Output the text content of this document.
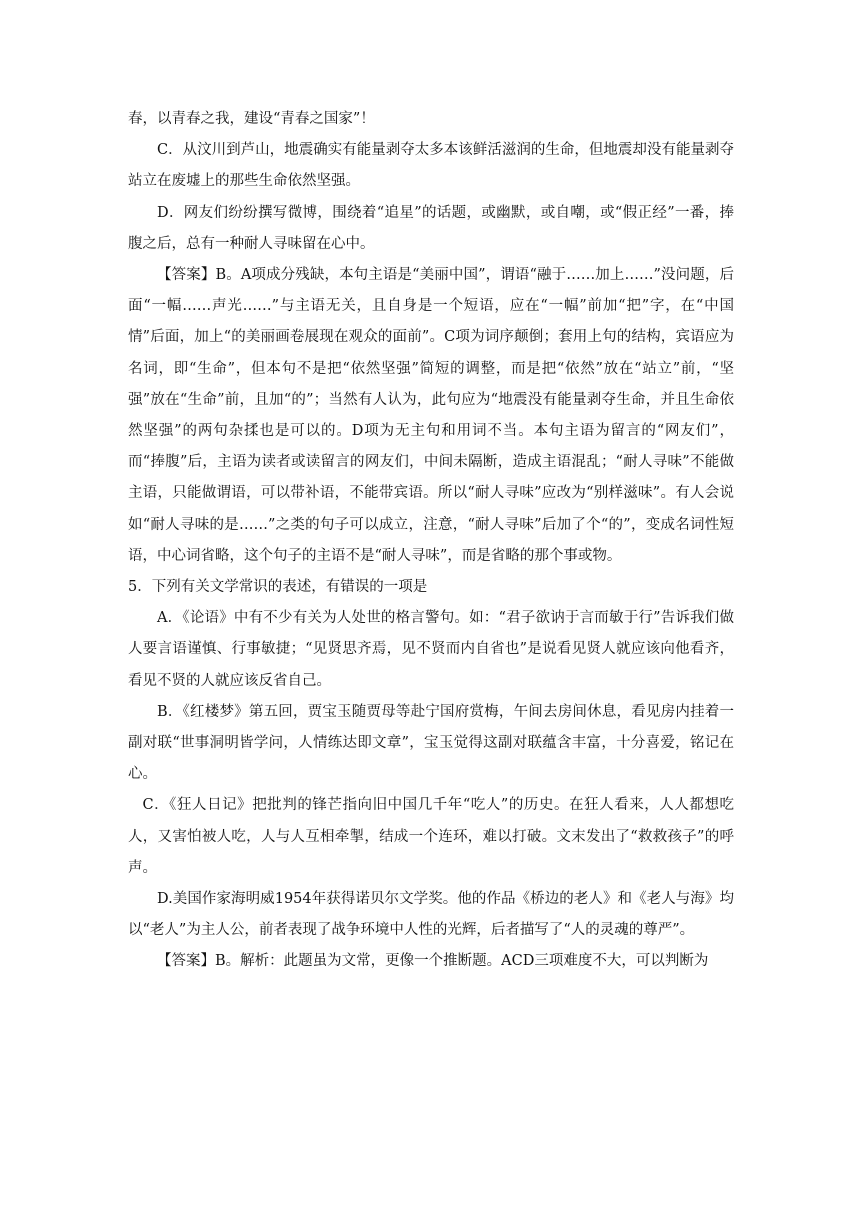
春，以青春之我，建设“青春之国家”！

C．从汶川到芦山，地震确实有能量剥夺太多本该鲜活滋润的生命，但地震却没有能量剥夺站立在废墟上的那些生命依然坚强。

D．网友们纷纷撰写微博，围绕着“追星”的话题，或幽默，或自嘲，或“假正经”一番，捧腹之后，总有一种耐人寻味留在心中。

【答案】B。A项成分残缺，本句主语是“美丽中国”，谓语“融于……加上……”没问题，后面“一幅……声光……”与主语无关，且自身是一个短语，应在“一幅”前加“把”字，在“中国情”后面，加上“的美丽画卷展现在观众的面前”。C项为词序颠倒；套用上句的结构，宾语应为名词，即“生命”，但本句不是把“依然坚强”简短的调整，而是把“依然”放在“站立”前，“坚强”放在“生命”前，且加“的”；当然有人认为，此句应为“地震没有能量剥夺生命，并且生命依然坚强”的两句杂揉也是可以的。D项为无主句和用词不当。本句主语为留言的“网友们”，而“捧腹”后，主语为读者或读留言的网友们，中间未隔断，造成主语混乱；“耐人寻味”不能做主语，只能做谓语，可以带补语，不能带宾语。所以“耐人寻味”应改为“别样滋味”。有人会说如“耐人寻味的是……”之类的句子可以成立，注意，“耐人寻味”后加了个“的”，变成名词性短语，中心词省略，这个句子的主语不是“耐人寻味”，而是省略的那个事或物。

5．下列有关文学常识的表述，有错误的一项是

A．《论语》中有不少有关为人处世的格言警句。如：“君子欲讷于言而敏于行”告诉我们做人要言语谨慎、行事敏捷；“见贤思齐焉，见不贤而内自省也”是说看见贤人就应该向他看齐，看见不贤的人就应该反省自己。

B．《红楼梦》第五回，贾宝玉随贾母等赴宁国府赏梅，午间去房间休息，看见房内挂着一副对联“世事洞明皆学问，人情练达即文章”，宝玉觉得这副对联蕴含丰富，十分喜爱，铭记在心。

C．《狂人日记》把批判的锋芒指向旧中国几千年“吃人”的历史。在狂人看来，人人都想吃人，又害怕被人吃，人与人互相牵掣，结成一个连环，难以打破。文末发出了“救救孩子”的呼声。

D.美国作家海明威1954年获得诺贝尔文学奖。他的作品《桥边的老人》和《老人与海》均以“老人”为主人公，前者表现了战争环境中人性的光辉，后者描写了“人的灵魂的尊严”。

【答案】B。解析：此题虽为文常，更像一个推断题。ACD三项难度不大，可以判断为
